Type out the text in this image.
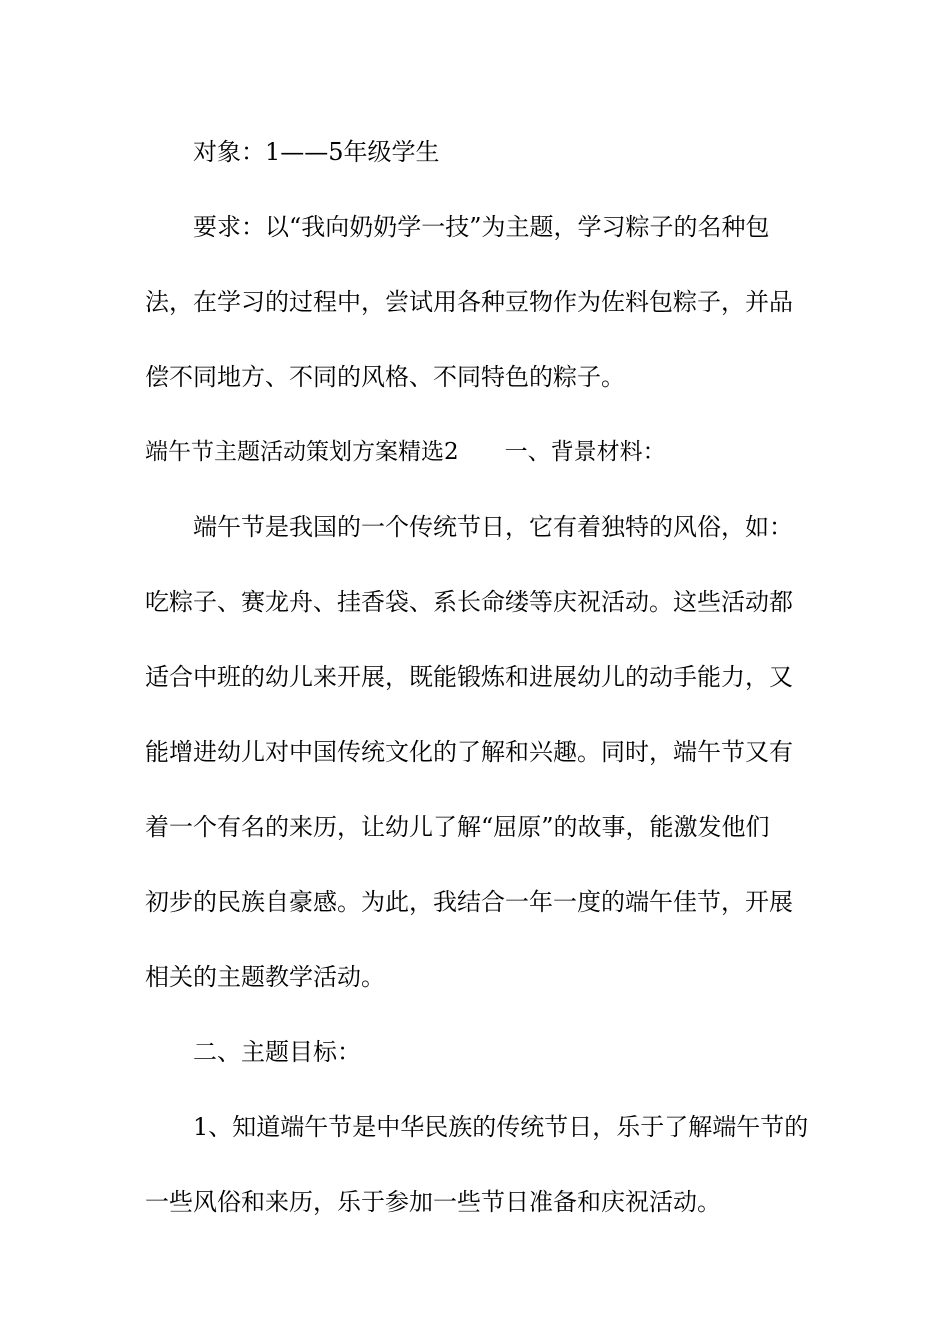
对象：1——5年级学生
要求：以“我向奶奶学一技”为主题，学习粽子的名种包
法，在学习的过程中，尝试用各种豆物作为佐料包粽子，并品
偿不同地方、不同的风格、不同特色的粽子。
端午节主题活动策划方案精选2　　一、背景材料：
端午节是我国的一个传统节日，它有着独特的风俗，如：
吃粽子、赛龙舟、挂香袋、系长命缕等庆祝活动。这些活动都
适合中班的幼儿来开展，既能锻炼和进展幼儿的动手能力，又
能增进幼儿对中国传统文化的了解和兴趣。同时，端午节又有
着一个有名的来历，让幼儿了解“屈原”的故事，能激发他们
初步的民族自豪感。为此，我结合一年一度的端午佳节，开展
相关的主题教学活动。
二、主题目标：
1、知道端午节是中华民族的传统节日，乐于了解端午节的
一些风俗和来历，乐于参加一些节日准备和庆祝活动。
